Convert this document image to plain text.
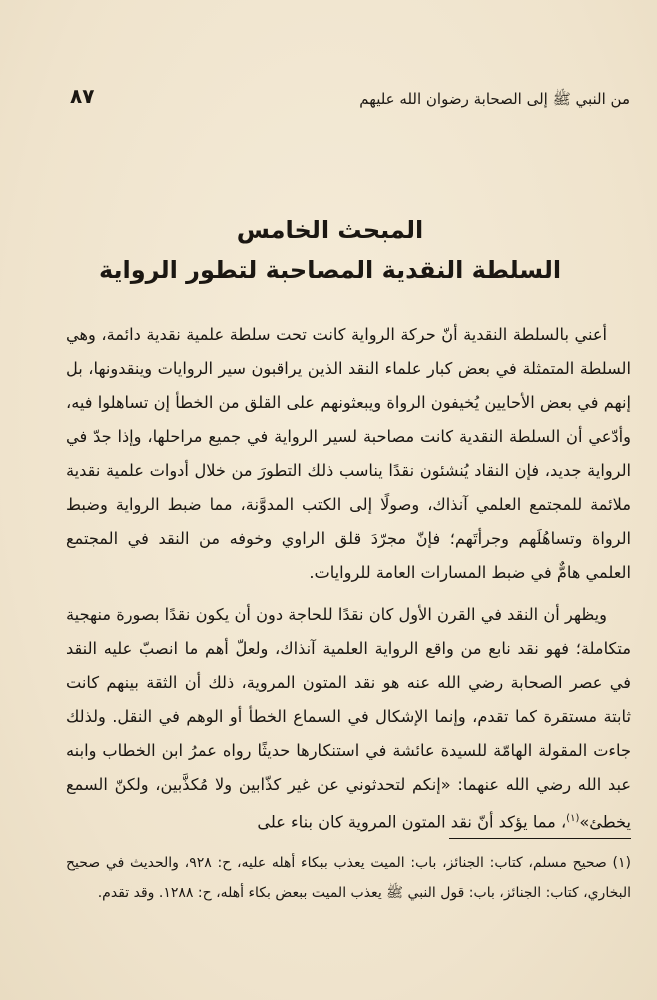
من النبي ﷺ إلى الصحابة رضوان الله عليهم
٨٧
المبحث الخامس
السلطة النقدية المصاحبة لتطور الرواية

أعني بالسلطة النقدية أنّ حركة الرواية كانت تحت سلطة علمية نقدية دائمة، وهي السلطة المتمثلة في بعض كبار علماء النقد الذين يراقبون سير الروايات وينقدونها، بل إنهم في بعض الأحايين يُخيفون الرواة ويبعثونهم على القلق من الخطأ إن تساهلوا فيه، وأدّعي أن السلطة النقدية كانت مصاحبة لسير الرواية في جميع مراحلها، وإذا جدّ في الرواية جديد، فإن النقاد يُنشئون نقدًا يناسب ذلك التطورَ من خلال أدوات علمية نقدية ملائمة للمجتمع العلمي آنذاك، وصولًا إلى الكتب المدوَّنة، مما ضبط الرواية وضبط الرواة وتساهُلَهم وجرأتَهم؛ فإنّ مجرّدَ قلق الراوي وخوفه من النقد في المجتمع العلمي هامٌّ في ضبط المسارات العامة للروايات.

ويظهر أن النقد في القرن الأول كان نقدًا للحاجة دون أن يكون نقدًا بصورة منهجية متكاملة؛ فهو نقد نابع من واقع الرواية العلمية آنذاك، ولعلّ أهم ما انصبّ عليه النقد في عصر الصحابة رضي الله عنه هو نقد المتون المروية، ذلك أن الثقة بينهم كانت ثابتة مستقرة كما تقدم، وإنما الإشكال في السماع الخطأ أو الوهم في النقل. ولذلك جاءت المقولة الهامّة للسيدة عائشة في استنكارها حديثًا رواه عمرُ ابن الخطاب وابنه عبد الله رضي الله عنهما: «إنكم لتحدثوني عن غير كذّابين ولا مُكذَّبين، ولكنّ السمع يخطئ»$^{(١)}$، مما يؤكد أنّ نقد المتون المروية كان بناء على

(١) صحيح مسلم، كتاب: الجنائز، باب: الميت يعذب ببكاء أهله عليه، ح: ٩٢٨، والحديث في صحيح البخاري، كتاب: الجنائز، باب: قول النبي ﷺ يعذب الميت ببعض بكاء أهله، ح: ١٢٨٨. وقد تقدم.
